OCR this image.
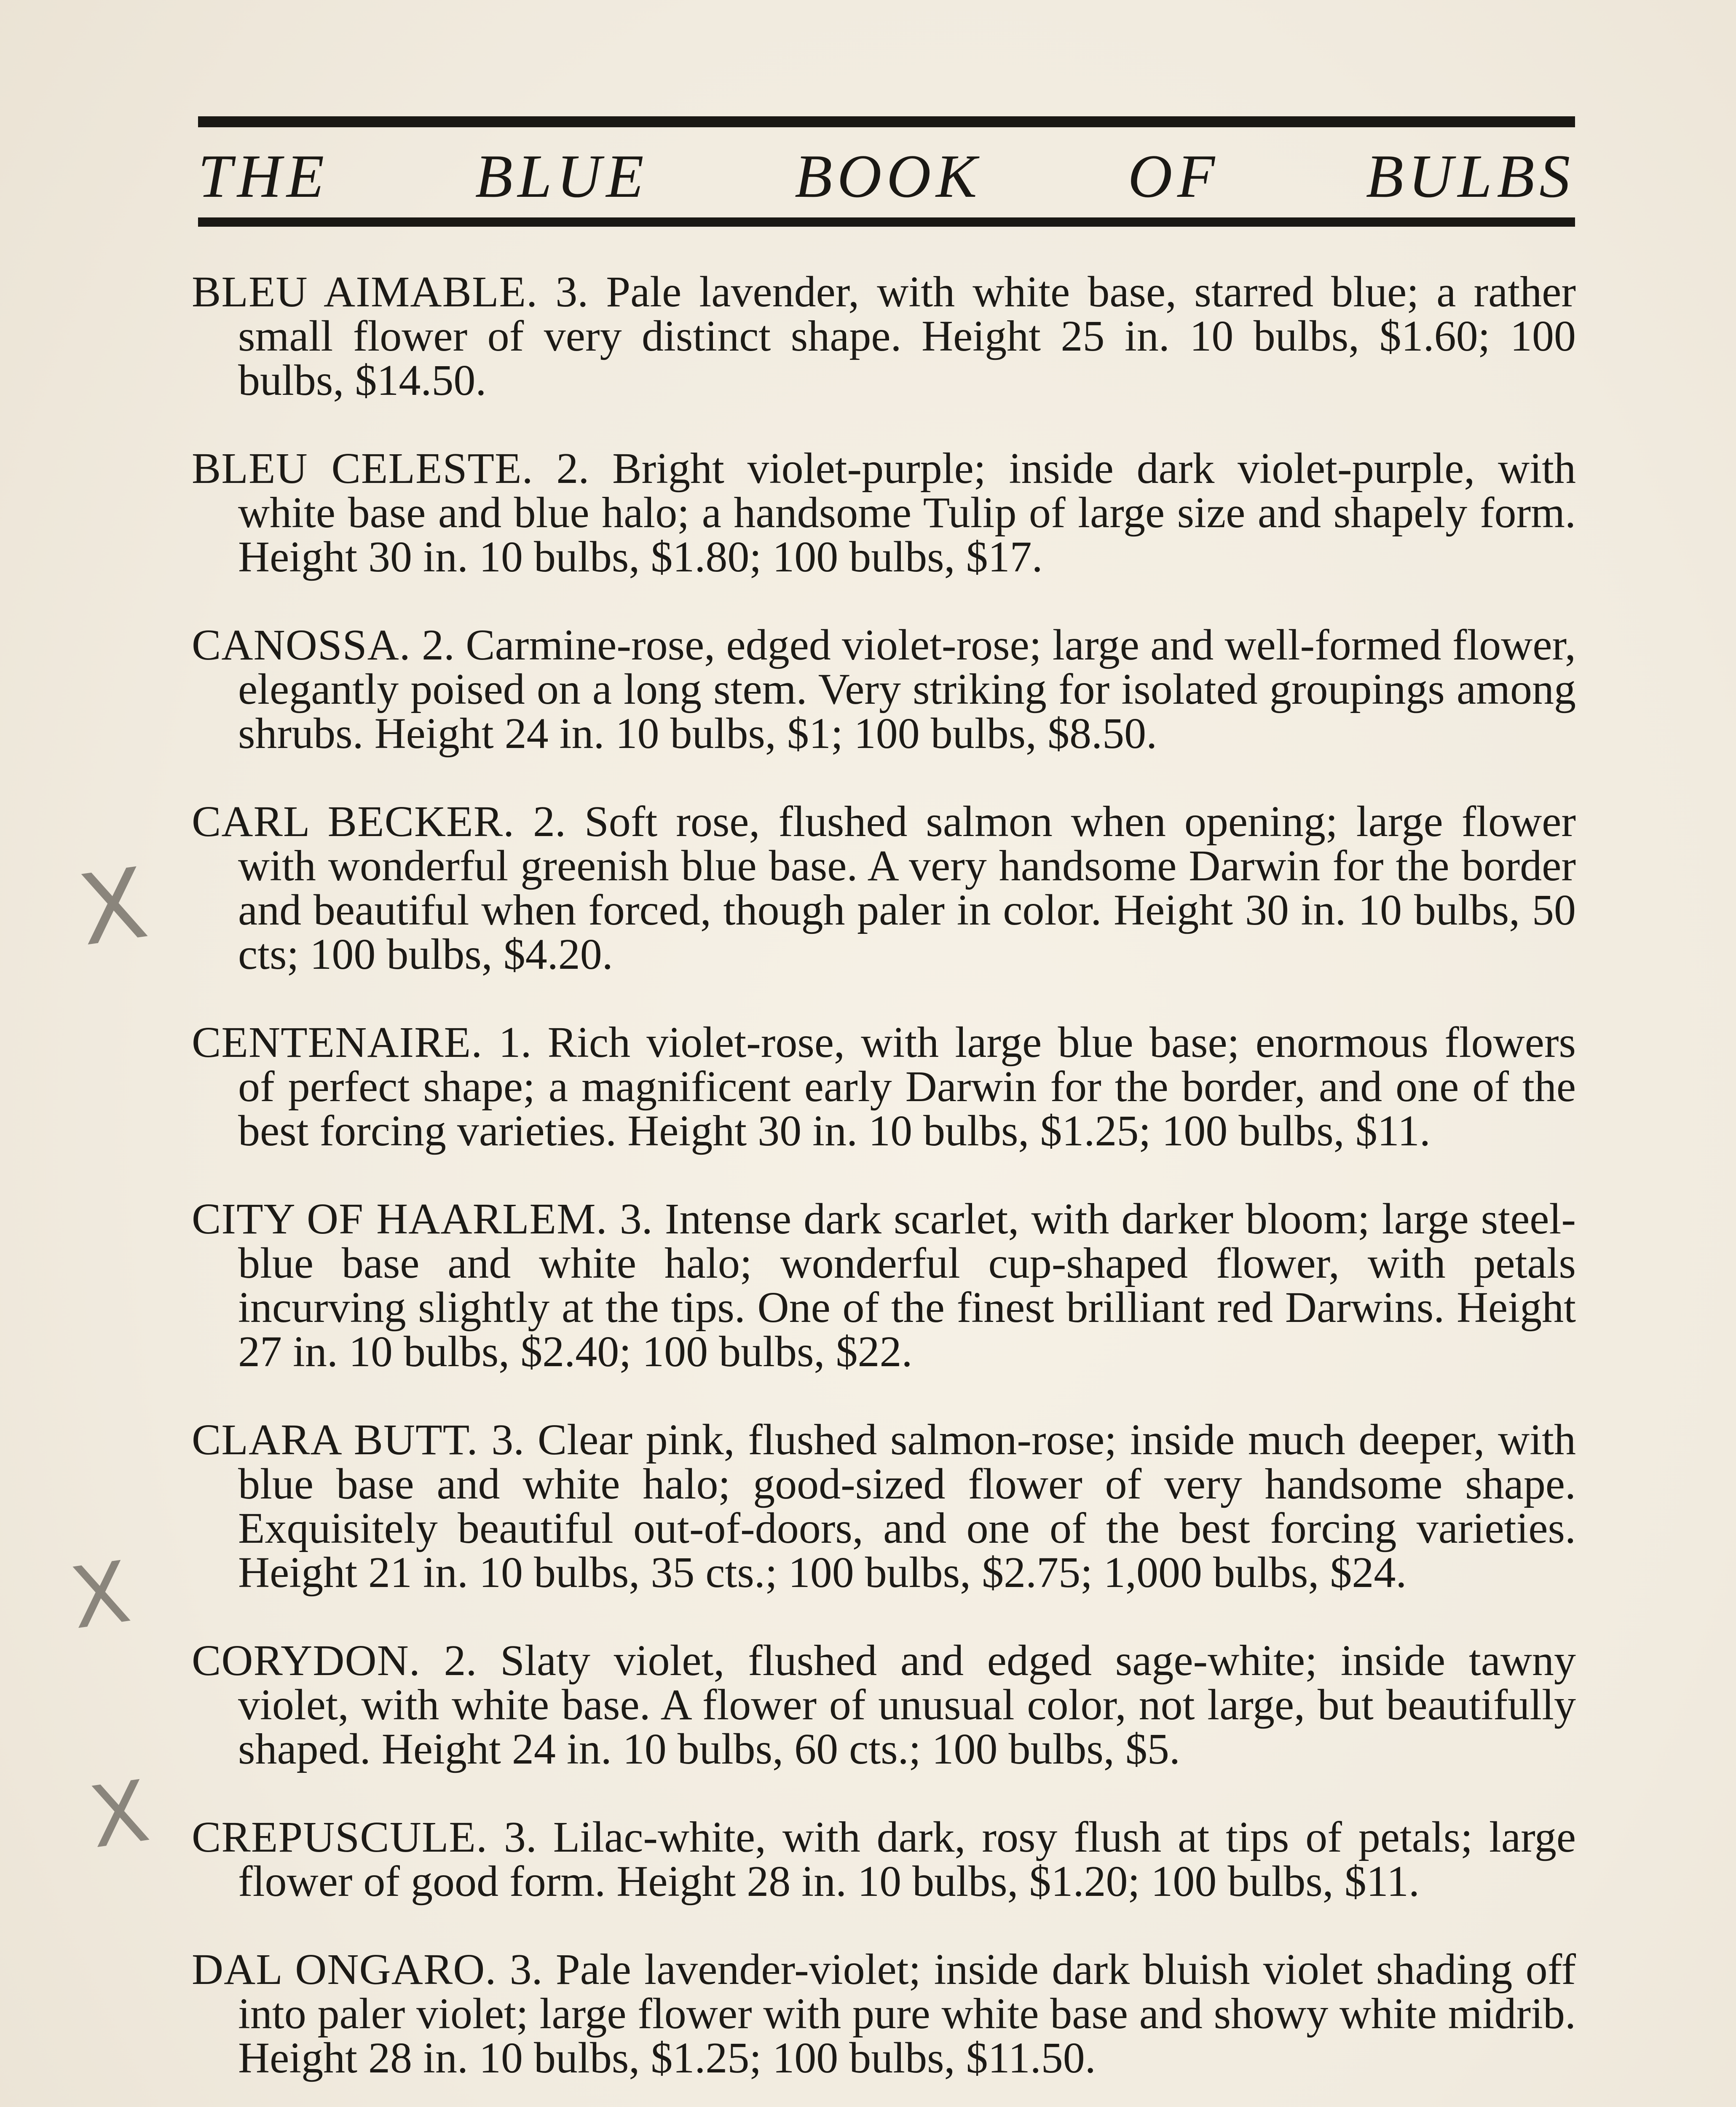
THE BLUE BOOK OF BULBS

BLEU AIMABLE. 3. Pale lavender, with white base, starred blue; a rather small flower of very distinct shape. Height 25 in. 10 bulbs, $1.60; 100 bulbs, $14.50.

BLEU CELESTE. 2. Bright violet-purple; inside dark violet-purple, with white base and blue halo; a handsome Tulip of large size and shapely form. Height 30 in. 10 bulbs, $1.80; 100 bulbs, $17.

CANOSSA. 2. Carmine-rose, edged violet-rose; large and well-formed flower, elegantly poised on a long stem. Very striking for isolated groupings among shrubs. Height 24 in. 10 bulbs, $1; 100 bulbs, $8.50.

CARL BECKER. 2. Soft rose, flushed salmon when opening; large flower with wonderful greenish blue base. A very handsome Darwin for the border and beautiful when forced, though paler in color. Height 30 in. 10 bulbs, 50 cts; 100 bulbs, $4.20.

CENTENAIRE. 1. Rich violet-rose, with large blue base; enormous flowers of perfect shape; a magnificent early Darwin for the border, and one of the best forcing varieties. Height 30 in. 10 bulbs, $1.25; 100 bulbs, $11.

CITY OF HAARLEM. 3. Intense dark scarlet, with darker bloom; large steel-blue base and white halo; wonderful cup-shaped flower, with petals incurving slightly at the tips. One of the finest brilliant red Darwins. Height 27 in. 10 bulbs, $2.40; 100 bulbs, $22.

CLARA BUTT. 3. Clear pink, flushed salmon-rose; inside much deeper, with blue base and white halo; good-sized flower of very handsome shape. Exquisitely beautiful out-of-doors, and one of the best forcing varieties. Height 21 in. 10 bulbs, 35 cts.; 100 bulbs, $2.75; 1,000 bulbs, $24.

CORYDON. 2. Slaty violet, flushed and edged sage-white; inside tawny violet, with white base. A flower of unusual color, not large, but beautifully shaped. Height 24 in. 10 bulbs, 60 cts.; 100 bulbs, $5.

CREPUSCULE. 3. Lilac-white, with dark, rosy flush at tips of petals; large flower of good form. Height 28 in. 10 bulbs, $1.20; 100 bulbs, $11.

DAL ONGARO. 3. Pale lavender-violet; inside dark bluish violet shading off into paler violet; large flower with pure white base and showy white midrib. Height 28 in. 10 bulbs, $1.25; 100 bulbs, $11.50.

X
X
X
